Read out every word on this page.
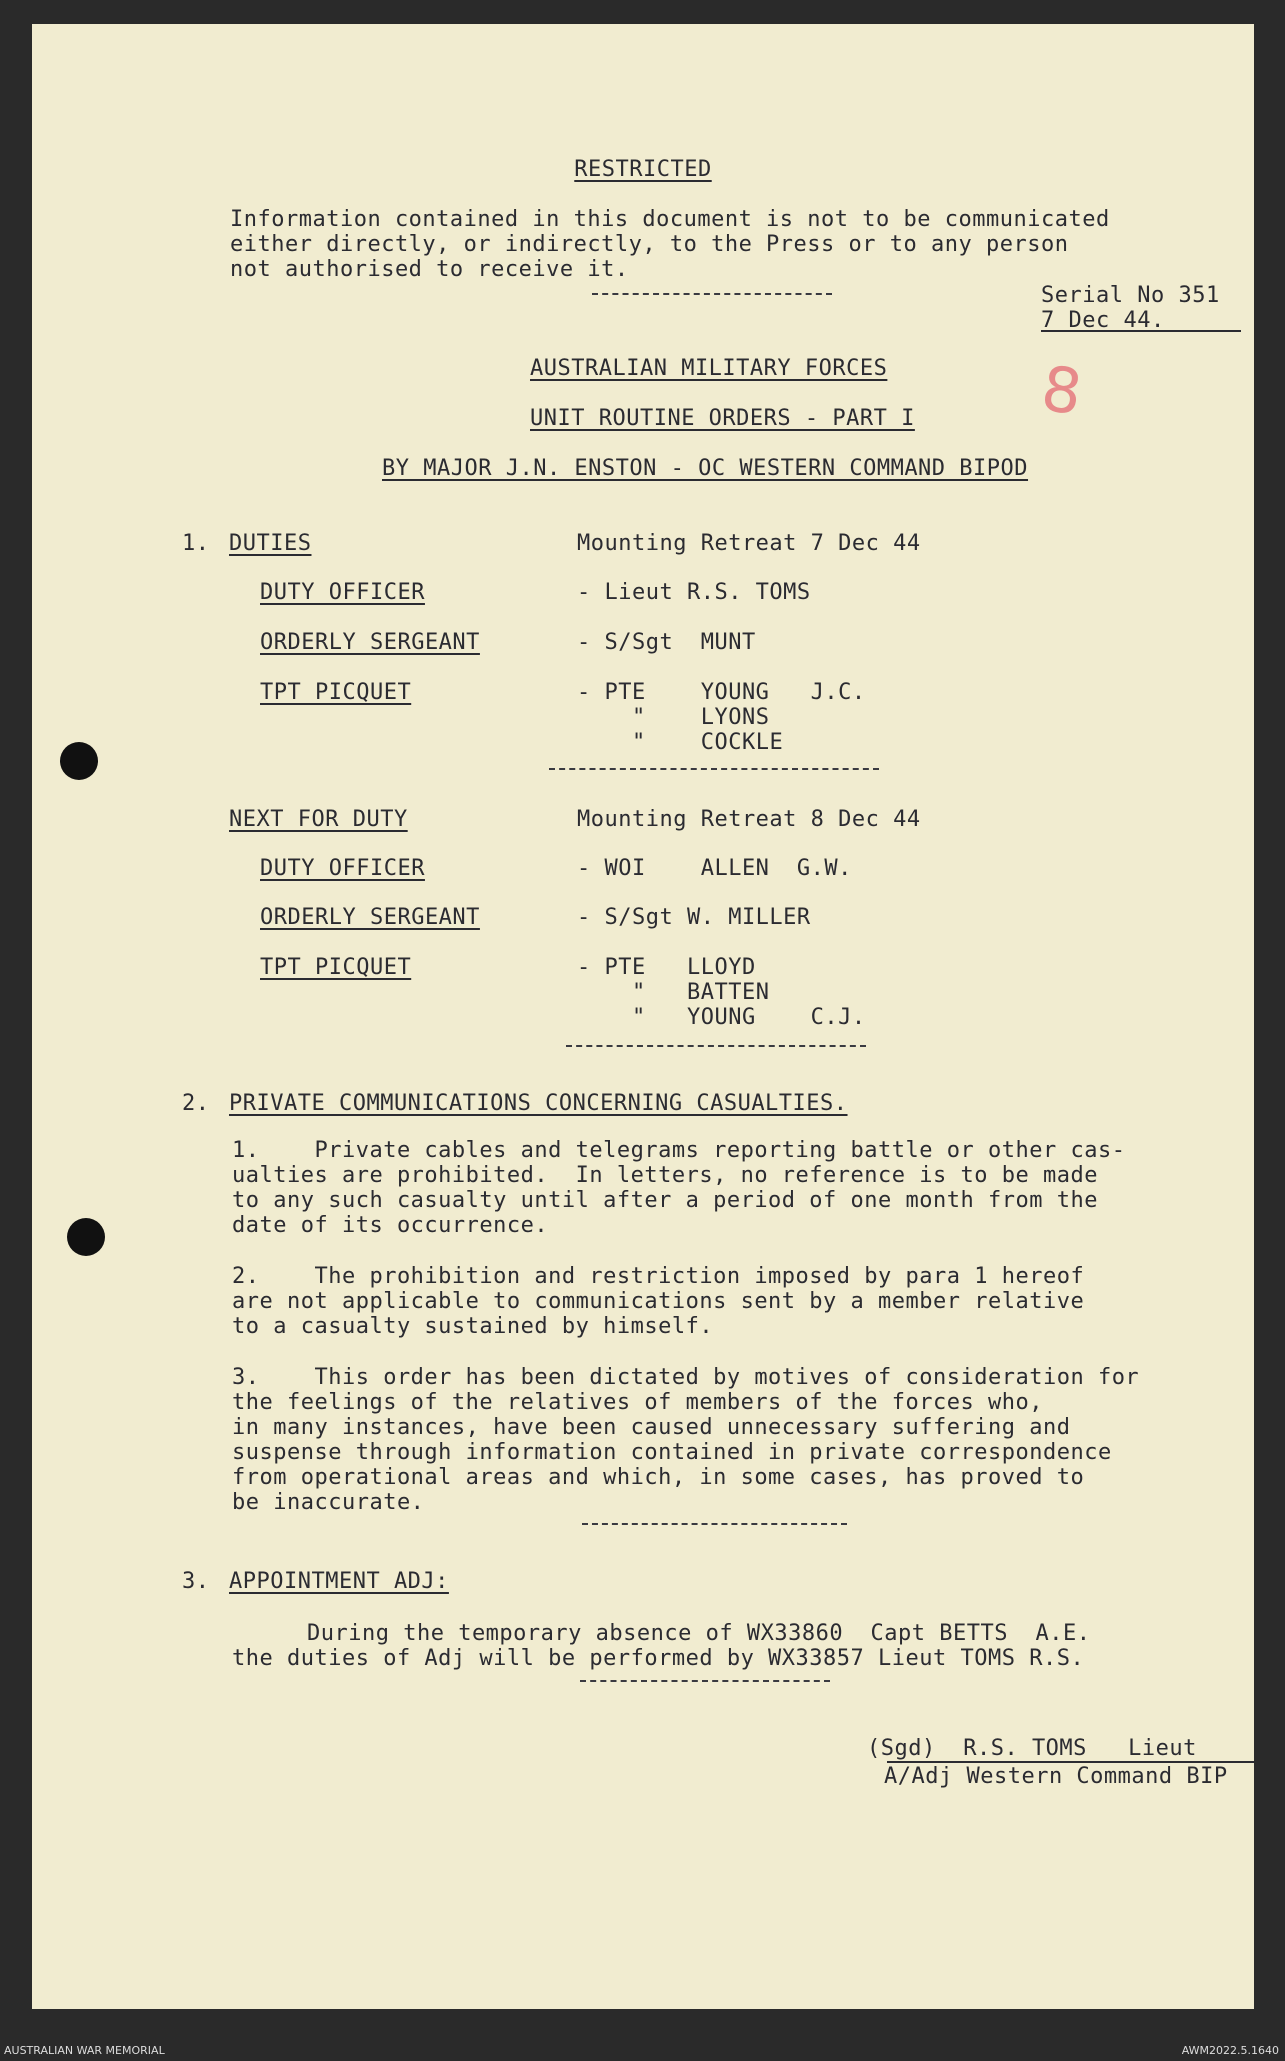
RESTRICTED
Information contained in this document is not to be communicated
either directly, or indirectly, to the Press or to any person
not authorised to receive it.
Serial No 351
7 Dec 44.
8
AUSTRALIAN MILITARY FORCES
UNIT ROUTINE ORDERS - PART I
BY MAJOR J.N. ENSTON - OC WESTERN COMMAND BIPOD
1. DUTIES	Mounting Retreat 7 Dec 44
DUTY OFFICER	- Lieut R.S. TOMS
ORDERLY SERGEANT	- S/Sgt  MUNT
TPT PICQUET	- PTE    YOUNG   J.C.
"    LYONS
"    COCKLE
NEXT FOR DUTY	Mounting Retreat 8 Dec 44
DUTY OFFICER	- WOI    ALLEN  G.W.
ORDERLY SERGEANT	- S/Sgt W. MILLER
TPT PICQUET	- PTE   LLOYD
"   BATTEN
"   YOUNG    C.J.
2. PRIVATE COMMUNICATIONS CONCERNING CASUALTIES.
1.    Private cables and telegrams reporting battle or other cas-
ualties are prohibited.  In letters, no reference is to be made
to any such casualty until after a period of one month from the
date of its occurrence.
2.    The prohibition and restriction imposed by para 1 hereof
are not applicable to communications sent by a member relative
to a casualty sustained by himself.
3.    This order has been dictated by motives of consideration for
the feelings of the relatives of members of the forces who,
in many instances, have been caused unnecessary suffering and
suspense through information contained in private correspondence
from operational areas and which, in some cases, has proved to
be inaccurate.
3. APPOINTMENT ADJ:
During the temporary absence of WX33860  Capt BETTS  A.E.
the duties of Adj will be performed by WX33857 Lieut TOMS R.S.
(Sgd)  R.S. TOMS   Lieut
A/Adj Western Command BIP
AUSTRALIAN WAR MEMORIAL	AWM2022.5.1640
